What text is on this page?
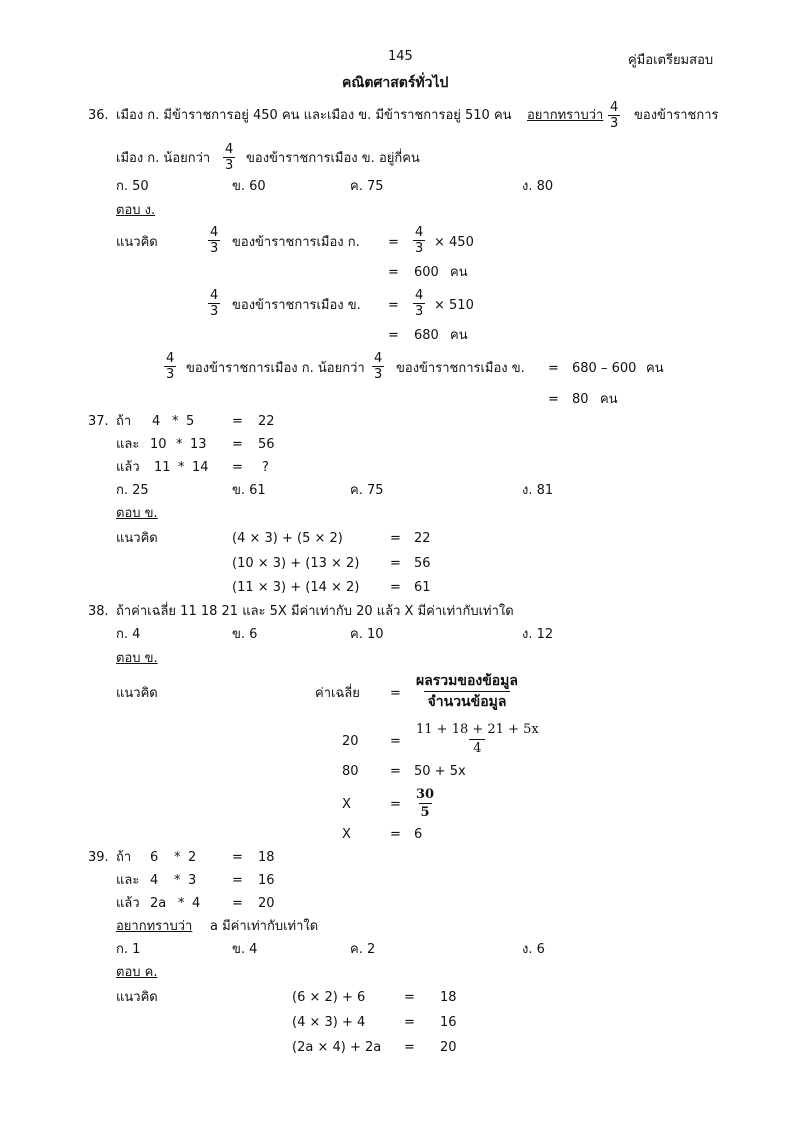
145	คู่มือเตรียมสอบ
คณิตศาสตร์ทั่วไป
36. เมือง ก. มีข้าราชการอยู่ 450 คน และเมือง ข. มีข้าราชการอยู่ 510 คน อยากทราบว่า $\frac{4}{3}$ ของข้าราชการ
เมือง ก. น้อยกว่า $\frac{4}{3}$ ของข้าราชการเมือง ข. อยู่กี่คน
ก. 50	ข. 60	ค. 75	ง. 80
ตอบ ง.
แนวคิด	$\frac{4}{3}$ ของข้าราชการเมือง ก. = $\frac{4}{3} \times 450$
= 600 คน
$\frac{4}{3}$ ของข้าราชการเมือง ข. = $\frac{4}{3} \times 510$
= 680 คน
$\frac{4}{3}$ ของข้าราชการเมือง ก. น้อยกว่า $\frac{4}{3}$ ของข้าราชการเมือง ข. = 680 – 600 คน
= 80 คน
37. ถ้า 4 * 5	= 22
และ 10 * 13 = 56
แล้ว 11 * 14 = ?
ก. 25	ข. 61	ค. 75	ง. 81
ตอบ ข.
แนวคิด	(4 × 3) + (5 × 2)	= 22
(10 × 3) + (13 × 2) = 56
(11 × 3) + (14 × 2) = 61
38. ถ้าค่าเฉลี่ย 11 18 21 และ 5X มีค่าเท่ากับ 20 แล้ว X มีค่าเท่ากับเท่าใด
ก. 4	ข. 6	ค. 10	ง. 12
ตอบ ข.
แนวคิด	ค่าเฉลี่ย =
ผลรวมของข้อมูล
จำนวนข้อมูล
$20 = \frac{11 + 18 + 21 + 5x}{4}$
80 = 50 + 5x
X	= $\frac{30}{5}$
X	= 6
39. ถ้า 6 * 2	= 18
และ 4 * 3	= 16
แล้ว 2a * 4 = 20
อยากทราบว่า a มีค่าเท่ากับเท่าใด
ก. 1	ข. 4	ค. 2	ง. 6
ตอบ ค.
แนวคิด	(6 × 2) + 6	= 18
(4 × 3) + 4	= 16
(2a × 4) + 2a = 20
